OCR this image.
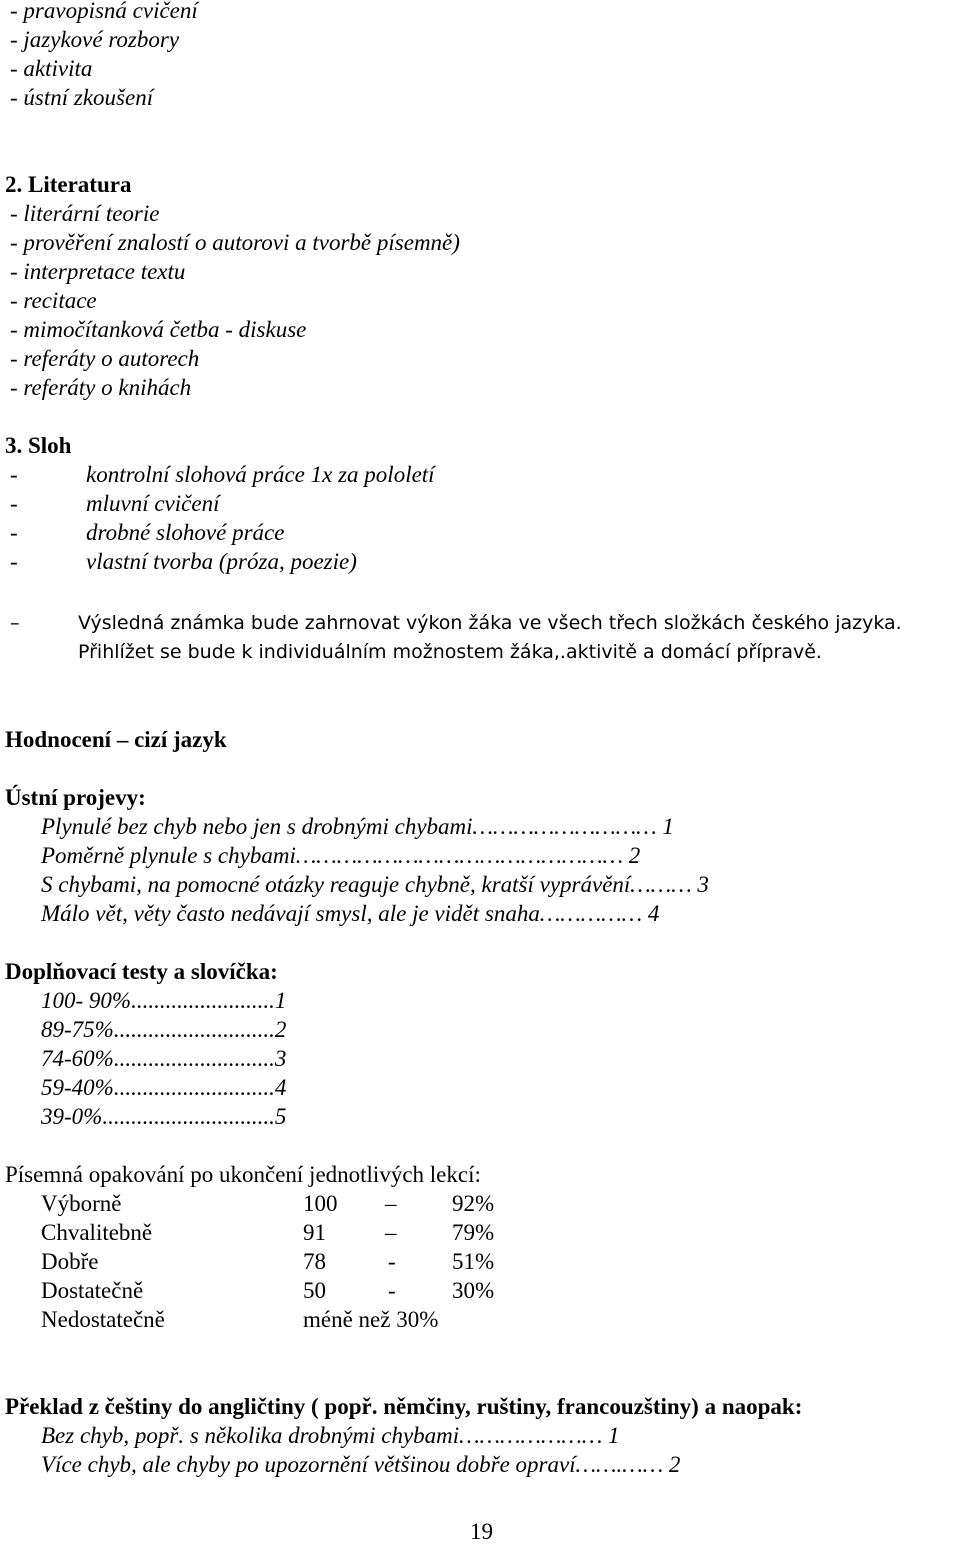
- pravopisná cvičení
- jazykové rozbory
- aktivita
- ústní zkoušení
2. Literatura
- literární teorie
- prověření znalostí o autorovi a tvorbě písemně)
- interpretace textu
- recitace
- mimočítanková četba - diskuse
- referáty o autorech
- referáty o knihách
3. Sloh
-	kontrolní slohová práce 1x za pololetí
-	mluvní cvičení
-	drobné slohové práce
-	vlastní tvorba (próza, poezie)
–	Výsledná známka bude zahrnovat výkon žáka ve všech třech složkách českého jazyka.
Přihlížet se bude k individuálním možnostem žáka,.aktivitě a domácí přípravě.
Hodnocení – cizí jazyk
Ústní projevy:
Plynulé bez chyb nebo jen s drobnými chybami……………………… 1
Poměrně plynule s chybami………………………………………… 2
S chybami, na pomocné otázky reaguje chybně, kratší vyprávění……… 3
Málo vět, věty často nedávají smysl, ale je vidět snaha…………… 4
Doplňovací testy a slovíčka:
100- 90%.........................1
89-75%............................2
74-60%............................3
59-40%............................4
39-0%..............................5
Písemná opakování po ukončení jednotlivých lekcí:
Výborně	100 – 92%
Chvalitebně	91	– 79%
Dobře	78	- 51%
Dostatečně	50	- 30%
Nedostatečně	méně než 30%
Překlad z češtiny do angličtiny ( popř. němčiny, ruštiny, francouzštiny) a naopak:
Bez chyb, popř. s několika drobnými chybami………………… 1
Více chyb, ale chyby po upozornění většinou dobře opraví…….…… 2
19
